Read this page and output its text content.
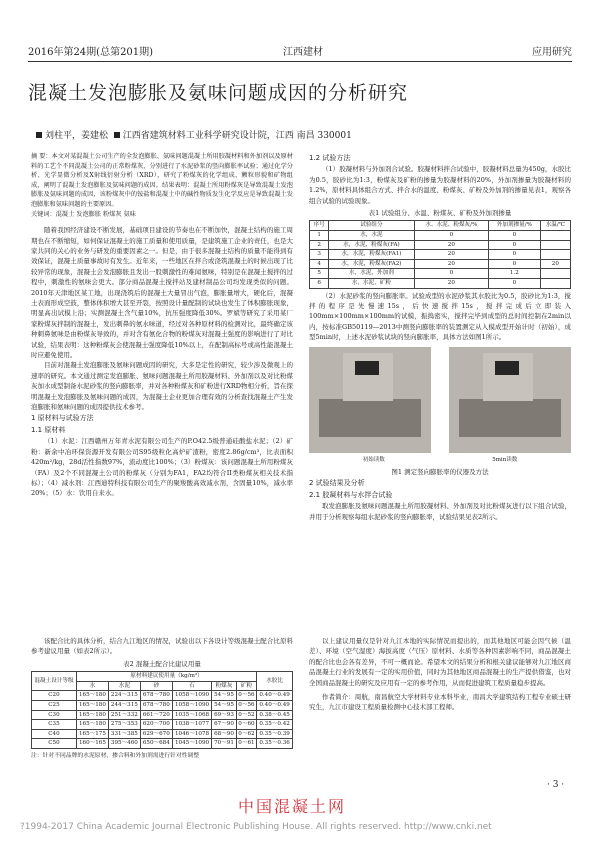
2016年第24期(总第201期)	江西建材	应用研究
混凝土发泡膨胀及氨味问题成因的分析研究
刘柱平，姜建松 江西省建筑材料工业科学研究设计院，江西 南昌 330001
摘 要：本文对某混凝土公司生产的全发泡膨胀、氨味问题混凝土所用胶凝材料和外加剂以及原材料的工艺个不同混凝土公司的正常粉煤灰，分别进行了水泥砂浆的竖向膨胀率试验；通过化学分析、光学显微分析及X射线衍射分析（XRD），研究了粉煤灰的化学组成、颗粒形貌和矿物组成，阐明了混凝土发泡膨胀及氨味问题的成因。结果表明：混凝土所用粉煤灰是导致混凝土发泡膨胀及氨味问题的成因，该粉煤灰中的铵盐和混凝土中的碱性物质发生化学反应是导致混凝土发泡膨胀和氨味问题的主要原因。
关键词：混凝土 发泡膨胀 粉煤灰 氨味

随着我国经济建设不断发展，基础项目建设的节奏也在不断加快，混凝土结构的施工周期也在不断缩短，如何保证混凝土的施工质量和使用质量，是建筑施工企业的责任，也是大家共同的关心的业务与研发的重要因素之一。但是，由于很多混凝土结构的质量不能得到有效保证，混凝土质量事故时有发生。近年来，一些地区在拌合或浇筑混凝土的时候出现了比较异常的现象，混凝土会发泡膨胀且发出一股刺激性的难闻氨味，特别是在混凝土搅拌的过程中，刺激性的氨味会更大。部分商品混凝土搅拌站及建材制品公司均发现类似的问题。2010年天津地区某工地，出现浇筑后的混凝土大量冒出气泡，膨胀量增大，硬化后，混凝土表面形成空鼓，整体体积增大甚至开裂，按照设计量配制的试块也发生了体积膨胀现象，明显高出试模上沿；实测混凝土含气量10%，抗压强度降低30%。罗斌等研究了采用某厂家粉煤灰拌制的混凝土，发出刺鼻的氨水味道，经过对各种原材料的检测对比，最终确定该种刺鼻氨味是由粉煤灰导致的，并对含有氨化合物的粉煤灰对混凝土强度的影响进行了对比试验，结果表明：这种粉煤灰会使混凝土强度降低10%以上，在配制高标号或高性能混凝土时应避免使用。

目前对混凝土发泡膨胀及氨味问题成因的研究，大多是定性的研究，较少涉及微观上的速率的研究。本文通过测定发泡膨胀、氨味问题混凝土所用胶凝材料、外加剂以及对比粉煤灰加水成型制备水泥砂浆的竖向膨胀率，并对各种粉煤灰和矿粉进行XRD物相分析，旨在探明混凝土发泡膨胀及氨味问题的成因，为混凝土企业更加合理有效的分析查找混凝土产生发泡膨胀和氨味问题的成因提供技术参考。

1 原材料与试验方法
1.1 原材料

（1）水泥：江西赣州万年青水泥有限公司生产的P.O42.5级普通硅酸盐水泥；（2）矿粉：新余中冶环保资源开发有限公司S95级粒化高炉矿渣粉，密度2.86g/cm³，比表面积420m²/kg，28d活性指数97%，流动度比100%；（3）粉煤灰：该问题混凝土所用粉煤灰（FA）及2个不同混凝土公司的粉煤灰（分别为FA1，FA2均符合II类粉煤灰相关技术指标）；（4）减水剂：江西迪特科技有限公司生产的聚羧酸高效减水剂，含固量10%，减水率20%；（5）水：饮用自来水。

1.2 试验方法

（1）胶凝材料与外加剂合试验。胶凝材料拌合试验中，胶凝材料总量为450g，水胶比为0.5，胶砂比为1:3，粉煤灰及矿粉的掺量为胶凝材料的20%，外加剂掺量为胶凝材料的1.2%，原材料具体组合方式、拌合水的温度、粉煤灰、矿粉及外加剂的掺量见表1，观察各组合试验的试验现象。

表1 试验组分、水温、粉煤灰、矿粉及外加剂掺量
序号	试验组分	水、水泥、粉煤灰/%	外加剂掺量/%	水温/℃
1	水，水泥	0	0	
2	水，水泥，粉煤灰(FA)	20	0	
3	水，水泥，粉煤灰(FA1)	20	0	
4	水，水泥，粉煤灰(FA2)	20	0	20
5	水，水泥，外加剂	0	1.2	
6	水，水泥，矿粉	20	0	

（2）水泥砂浆的竖向膨胀率。试验成型的水泥砂浆其水胶比为0.5，胶砂比为1:3，搅拌的程序是先慢速15s，后快速搅拌15s，搅拌完成后立即装入100mm×100mm×100mm的试模，振捣密实，搅拌完毕到成型的总时间控制在2min以内，按标准GB50119—2013中测竖向膨胀率的装置测定从入模成型开始计时（初始），成型5min时，上述水泥砂浆试块的竖向膨胀率，具体方法如图1所示。

初始读数	5min读数
图1 测定竖向膨胀率的仪器及方法
2 试验结果及分析
2.1 胶凝材料与水拌合试验

取发泡膨胀及氨味问题混凝土所用胶凝材料、外加剂及对比粉煤灰进行以下组合试验，并用于分析观察每组水泥砂浆的竖向膨胀率，试验结果见表2所示。

该配合比的具体分析，结合九江地区的情况，试验出以下各设计等级混凝土配合比原料参考建议用量（如表2所示）。

表2 混凝土配合比建议用量
混凝土设计等级	原材料建议使用量（kg/m³）						水胶比
	水	水泥	砂	石	粉煤灰	矿粉	
C20	165～180	224～315	678～780	1058～1090	54～95	0～56	0.40～0.49
C25	165～180	244～315	678～780	1058～1090	54～95	0～56	0.40～0.49
C30	165～180	251～332	661～720	1035～1068	69～93	0～52	0.38～0.45
C35	165～180	275～353	620～700	1038～1077	67～90	0～60	0.35～0.42
C40	165～175	331～385	629～670	1046～1078	68～90	0～62	0.35～0.39
C50	160～165	395～460	650～684	1045～1090	70～91	0～61	0.35～0.36
注：针对不同品牌的水泥原材，掺合料和外加剂需进行针对性调整

以上建议用量仅是针对九江本地的实际情况而提出的，而其他地区可能会因气候（温差）、环境（空气湿度）海拔高度（气压）原材料、水质等各种因素影响不同，商品混凝土的配合比也会各有差异，不可一概而论。希望本文的结果分析和根关建议能够对九江地区商品混凝土行业的发展有一定的实用价值，同时为其他地区商品混凝土的生产提供借鉴，也对全国商品混凝土的研究及应用有一定的参考作用，从而促进建筑工程质量稳步提高。

作者简介：周航，南昌航空大学材料专业本科毕业，南昌大学建筑结构工程专业硕士研究生，九江市建设工程质量检测中心技术部工程师。

· 3 ·
中国混凝土网
?1994-2017 China Academic Journal Electronic Publishing House. All rights reserved. http://www.cnki.net
